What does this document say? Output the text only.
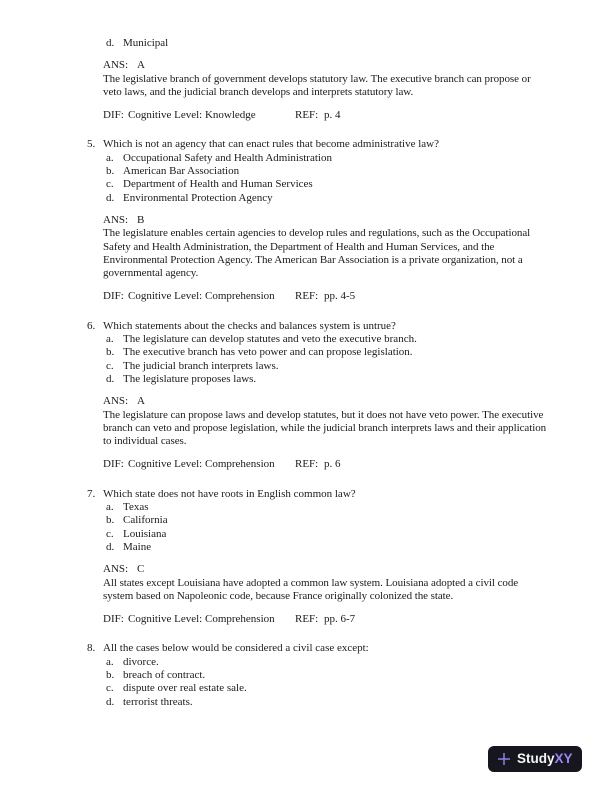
d. Municipal
ANS: A
The legislative branch of government develops statutory law. The executive branch can propose or veto laws, and the judicial branch develops and interprets statutory law.
DIF: Cognitive Level: Knowledge	REF: p. 4
5. Which is not an agency that can enact rules that become administrative law?
a. Occupational Safety and Health Administration
b. American Bar Association
c. Department of Health and Human Services
d. Environmental Protection Agency
ANS: B
The legislature enables certain agencies to develop rules and regulations, such as the Occupational Safety and Health Administration, the Department of Health and Human Services, and the Environmental Protection Agency. The American Bar Association is a private organization, not a governmental agency.
DIF: Cognitive Level: Comprehension	REF: pp. 4-5
6. Which statements about the checks and balances system is untrue?
a. The legislature can develop statutes and veto the executive branch.
b. The executive branch has veto power and can propose legislation.
c. The judicial branch interprets laws.
d. The legislature proposes laws.
ANS: A
The legislature can propose laws and develop statutes, but it does not have veto power. The executive branch can veto and propose legislation, while the judicial branch interprets laws and their application to individual cases.
DIF: Cognitive Level: Comprehension	REF: p. 6
7. Which state does not have roots in English common law?
a. Texas
b. California
c. Louisiana
d. Maine
ANS: C
All states except Louisiana have adopted a common law system. Louisiana adopted a civil code system based on Napoleonic code, because France originally colonized the state.
DIF: Cognitive Level: Comprehension	REF: pp. 6-7
8. All the cases below would be considered a civil case except:
a. divorce.
b. breach of contract.
c. dispute over real estate sale.
d. terrorist threats.
StudyXY
